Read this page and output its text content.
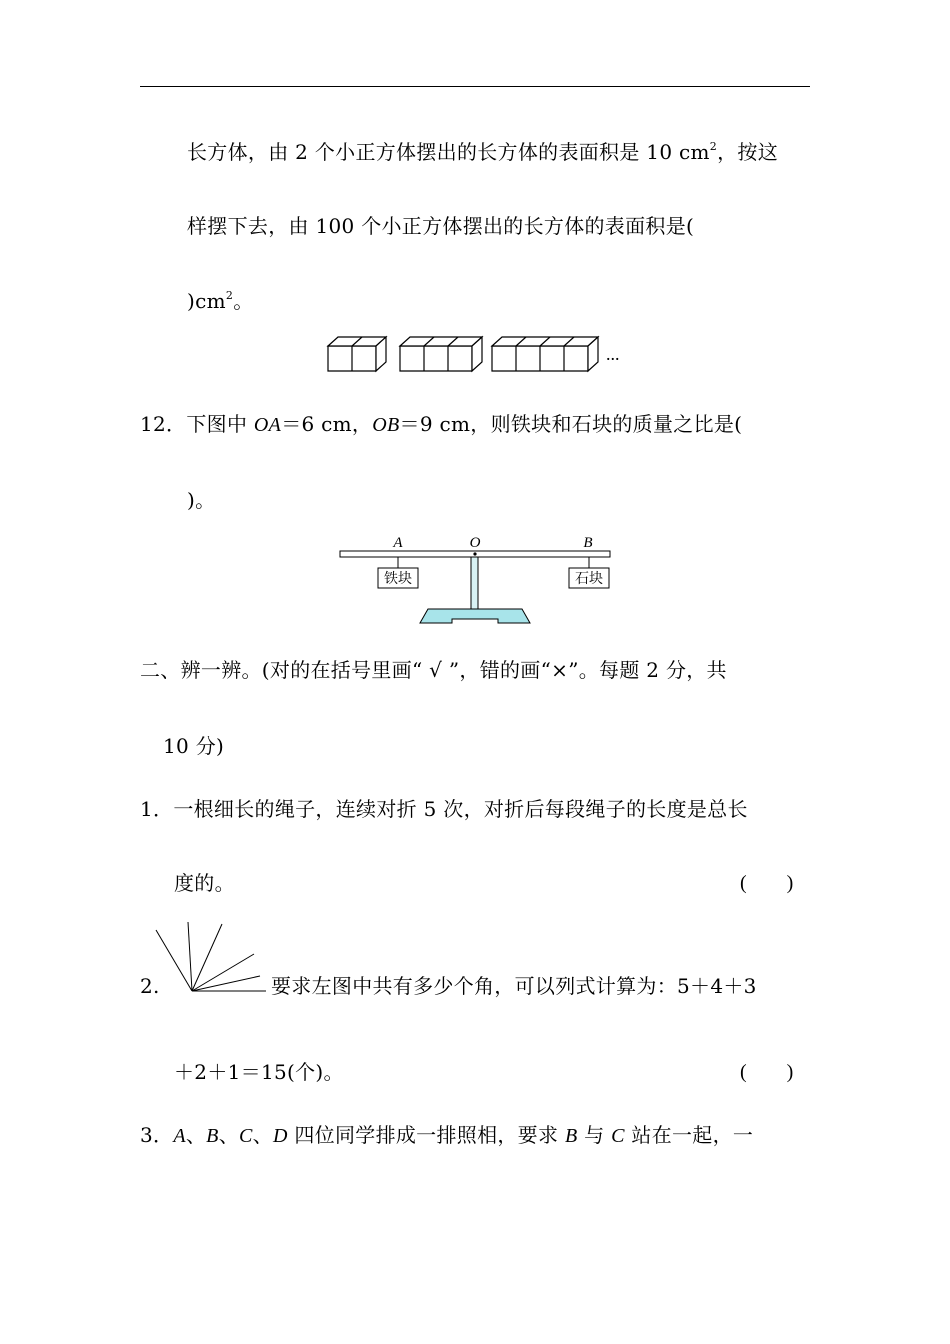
长方体，由 2 个小正方体摆出的长方体的表面积是 10 $cm^2$，按这
样摆下去，由 100 个小正方体摆出的长方体的表面积是(
)$cm^2$。
...
12．下图中 OA＝6 cm，OB＝9 cm，则铁块和石块的质量之比是(
)。
铁块	石块
A	O	B
二、辨一辨。(对的在括号里画“ √ ”，错的画“×”。每题 2 分，共
10 分)
1．一根细长的绳子，连续对折 5 次，对折后每段绳子的长度是总长
度的。	(　　)
2.	要求左图中共有多少个角，可以列式计算为：5＋4＋3
＋2＋1＝15(个)。	(　　)
3．A、B、C、D 四位同学排成一排照相，要求 B 与 C 站在一起，一
